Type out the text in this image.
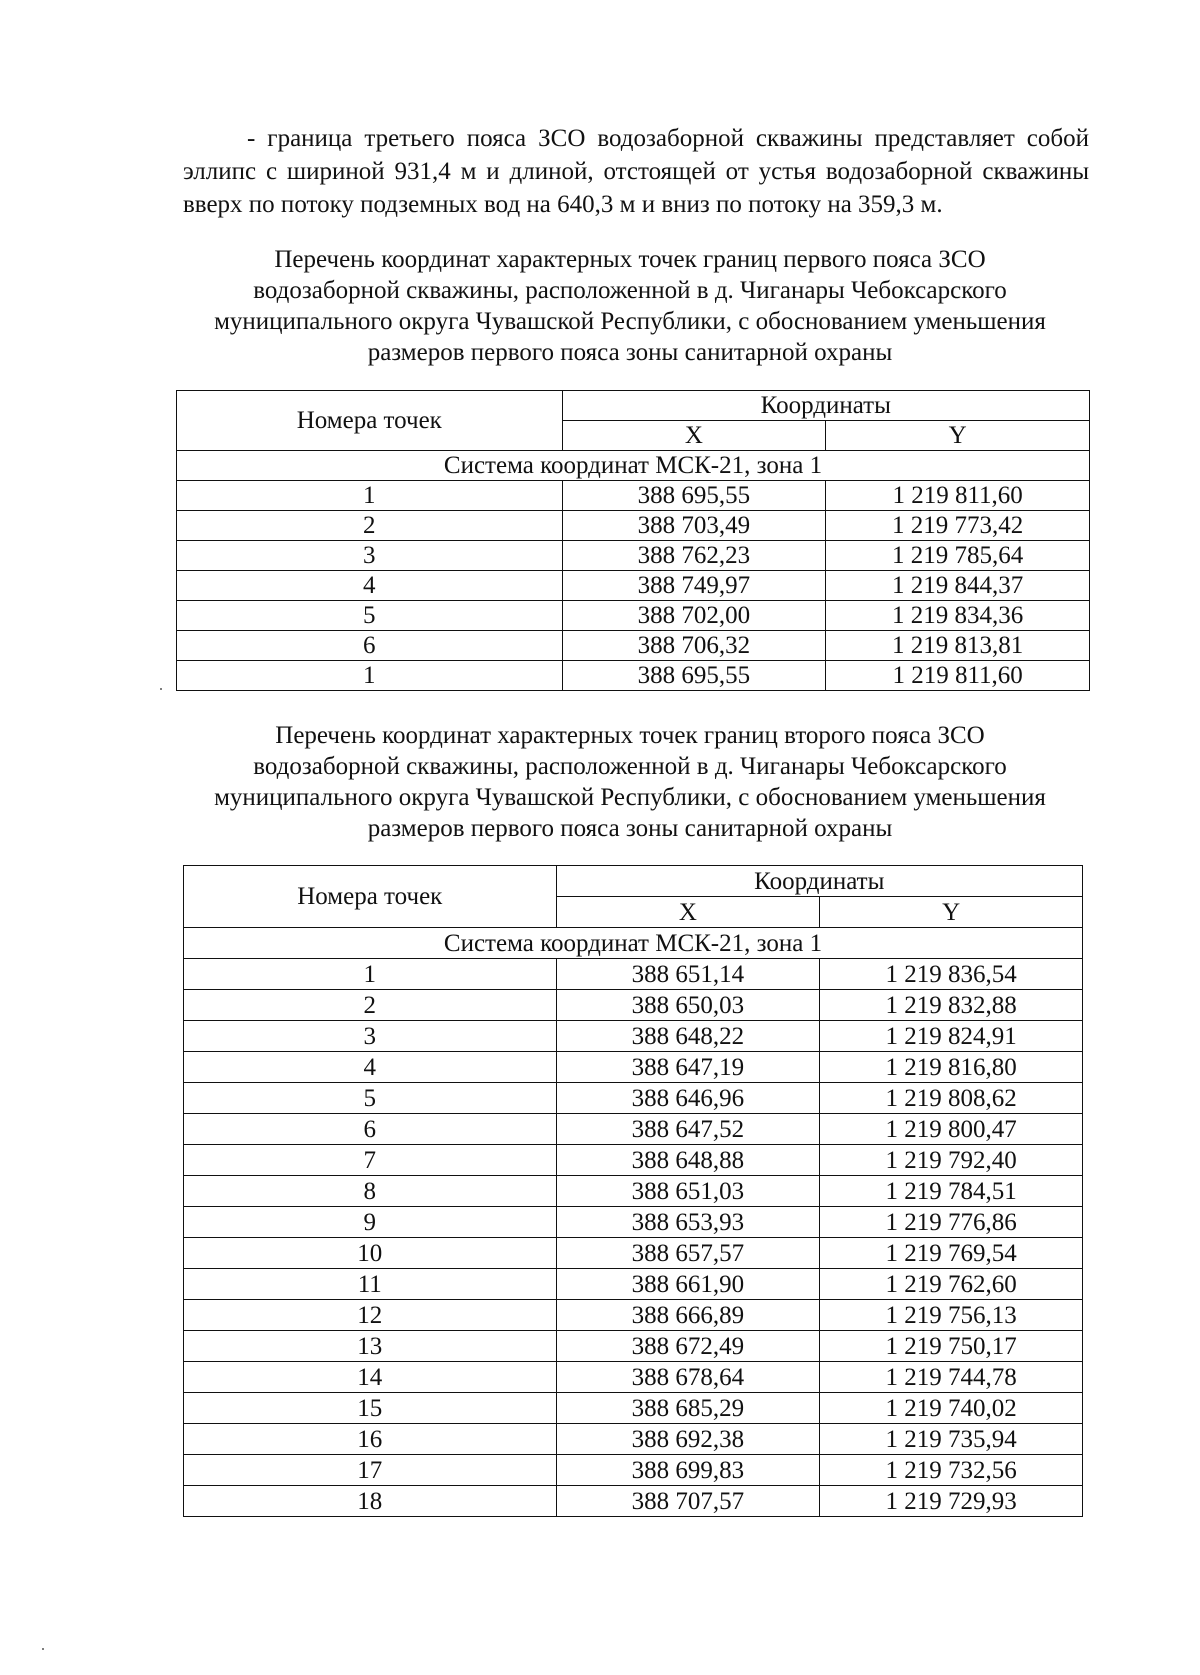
- граница третьего пояса ЗСО водозаборной скважины представляет собой эллипс с шириной 931,4 м и длиной, отстоящей от устья водозаборной скважины вверх по потоку подземных вод на 640,3 м и вниз по потоку на 359,3 м.

Перечень координат характерных точек границ первого пояса ЗСО
водозаборной скважины, расположенной в д. Чиганары Чебоксарского
муниципального округа Чувашской Республики, с обоснованием уменьшения
размеров первого пояса зоны санитарной охраны
Номера точек	Координаты	
	X	Y
Система координат МСК-21, зона 1		
1	388 695,55	1 219 811,60
2	388 703,49	1 219 773,42
3	388 762,23	1 219 785,64
4	388 749,97	1 219 844,37
5	388 702,00	1 219 834,36
6	388 706,32	1 219 813,81
1	388 695,55	1 219 811,60
Перечень координат характерных точек границ второго пояса ЗСО
водозаборной скважины, расположенной в д. Чиганары Чебоксарского
муниципального округа Чувашской Республики, с обоснованием уменьшения
размеров первого пояса зоны санитарной охраны
Номера точек	Координаты	
	X	Y
Система координат МСК-21, зона 1		
1	388 651,14	1 219 836,54
2	388 650,03	1 219 832,88
3	388 648,22	1 219 824,91
4	388 647,19	1 219 816,80
5	388 646,96	1 219 808,62
6	388 647,52	1 219 800,47
7	388 648,88	1 219 792,40
8	388 651,03	1 219 784,51
9	388 653,93	1 219 776,86
10	388 657,57	1 219 769,54
11	388 661,90	1 219 762,60
12	388 666,89	1 219 756,13
13	388 672,49	1 219 750,17
14	388 678,64	1 219 744,78
15	388 685,29	1 219 740,02
16	388 692,38	1 219 735,94
17	388 699,83	1 219 732,56
18	388 707,57	1 219 729,93
